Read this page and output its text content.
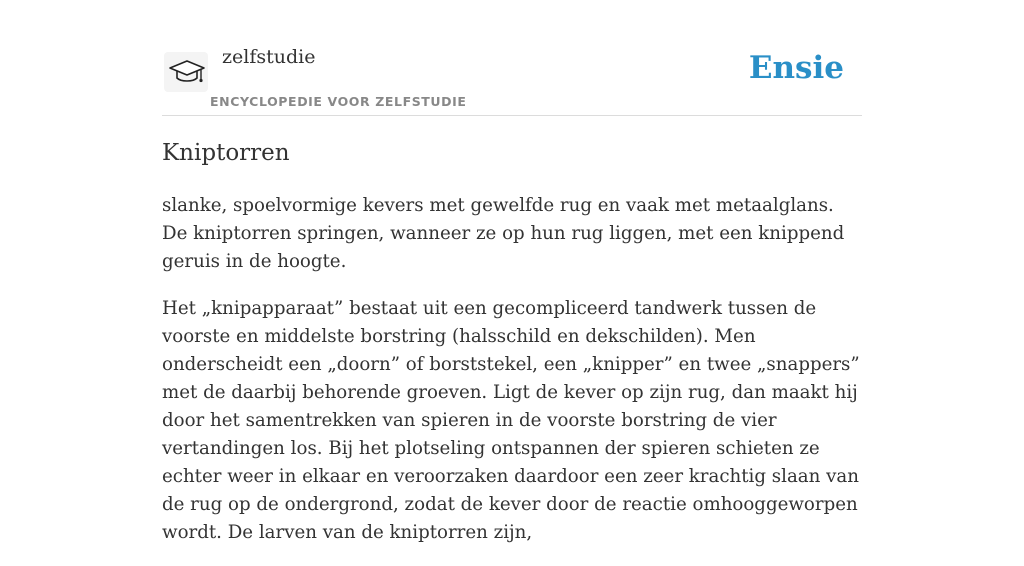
zelfstudie
ENCYCLOPEDIE VOOR ZELFSTUDIE
Ensie
Kniptorren

slanke, spoelvormige kevers met gewelfde rug en vaak met metaalglans. De kniptorren springen, wanneer ze op hun rug liggen, met een knippend geruis in de hoogte.

Het „knipapparaat” bestaat uit een gecompliceerd tandwerk tussen de voorste en middelste borstring (halsschild en dekschilden). Men onderscheidt een „doorn” of borststekel, een „knipper” en twee „snappers” met de daarbij behorende groeven. Ligt de kever op zijn rug, dan maakt hij door het samentrekken van spieren in de voorste borstring de vier vertandingen los. Bij het plotseling ontspannen der spieren schieten ze echter weer in elkaar en veroorzaken daardoor een zeer krachtig slaan van de rug op de ondergrond, zodat de kever door de reactie omhooggeworpen wordt. De larven van de kniptorren zijn,
